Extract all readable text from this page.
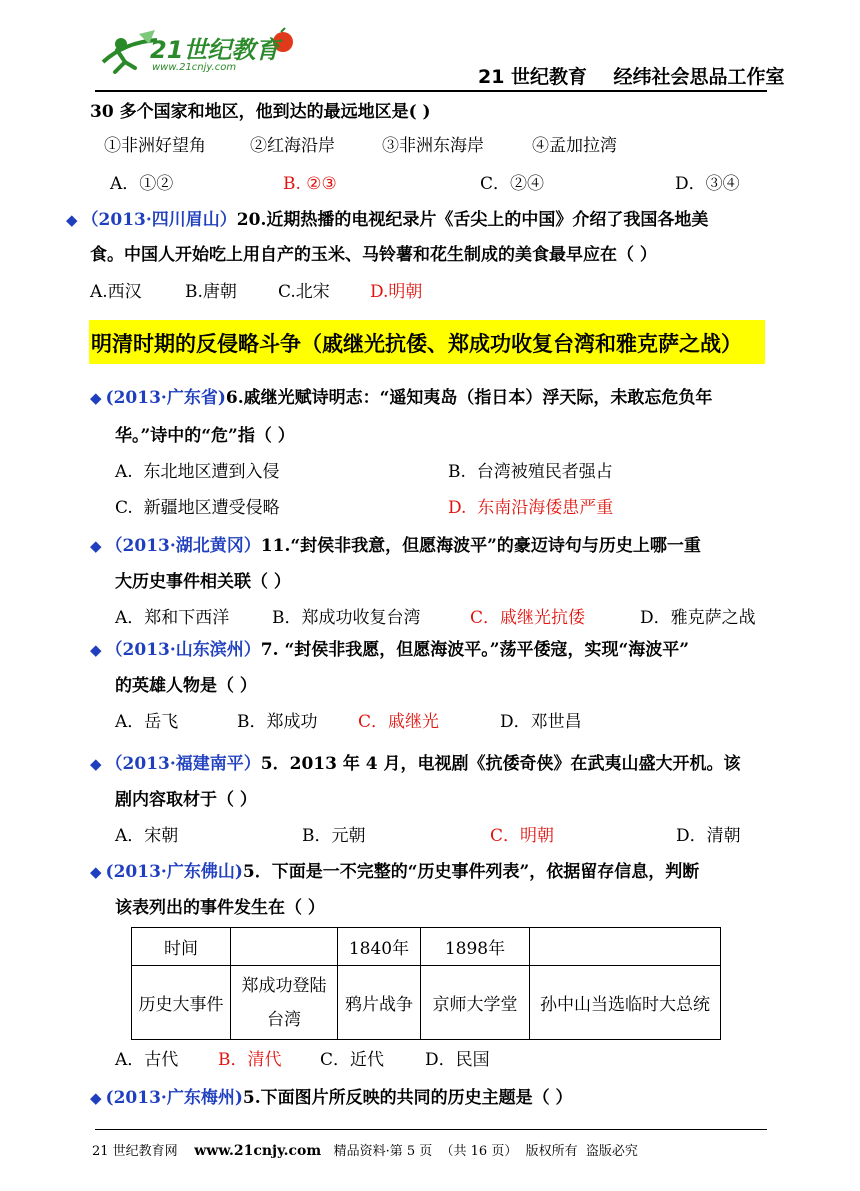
21世纪教育
www.21cnjy.com	21 世纪教育    经纬社会思品工作室
30 多个国家和地区，他到达的最远地区是( )
①非洲好望角	②红海沿岸	③非洲东海岸	④孟加拉湾
A．①②	B. ②③	C．②④	D．③④
◆ （2013·四川眉山）20.近期热播的电视纪录片《舌尖上的中国》介绍了我国各地美
食。中国人开始吃上用自产的玉米、马铃薯和花生制成的美食最早应在（ ）
A.西汉	B.唐朝 C.北宋 D.明朝
明清时期的反侵略斗争（戚继光抗倭、郑成功收复台湾和雅克萨之战）
◆ (2013·广东省)6.戚继光赋诗明志：“遥知夷岛（指日本）浮天际，未敢忘危负年
华。”诗中的“危”指（ ）
A.  东北地区遭到入侵	B.  台湾被殖民者强占
C.  新疆地区遭受侵略	D.  东南沿海倭患严重
◆ （2013·湖北黄冈）11.“封侯非我意，但愿海波平”的豪迈诗句与历史上哪一重
大历史事件相关联（ ）
A．郑和下西洋	B．郑成功收复台湾	C．戚继光抗倭	D．雅克萨之战
◆ （2013·山东滨州）7. “封侯非我愿，但愿海波平。”荡平倭寇，实现“海波平”
的英雄人物是（ ）
A．岳飞	B．郑成功 C．戚继光	D．邓世昌
◆ （2013·福建南平）5．2013 年 4 月，电视剧《抗倭奇侠》在武夷山盛大开机。该
剧内容取材于（ ）
A．宋朝	B．元朝	C．明朝	D．清朝
◆ (2013·广东佛山)5．下面是一不完整的“历史事件列表”，依据留存信息，判断
该表列出的事件发生在（ ）
时间		1840年	1898年	
历史大事件	郑成功登陆台湾	鸦片战争	京师大学堂	孙中山当选临时大总统
A．古代 B．清代 C．近代 D．民国
◆ (2013·广东梅州)5.下面图片所反映的共同的历史主题是（ ）
21 世纪教育网 www.21cnjy.com 精品资料·第 5 页  （共 16 页）  版权所有  盗版必究
